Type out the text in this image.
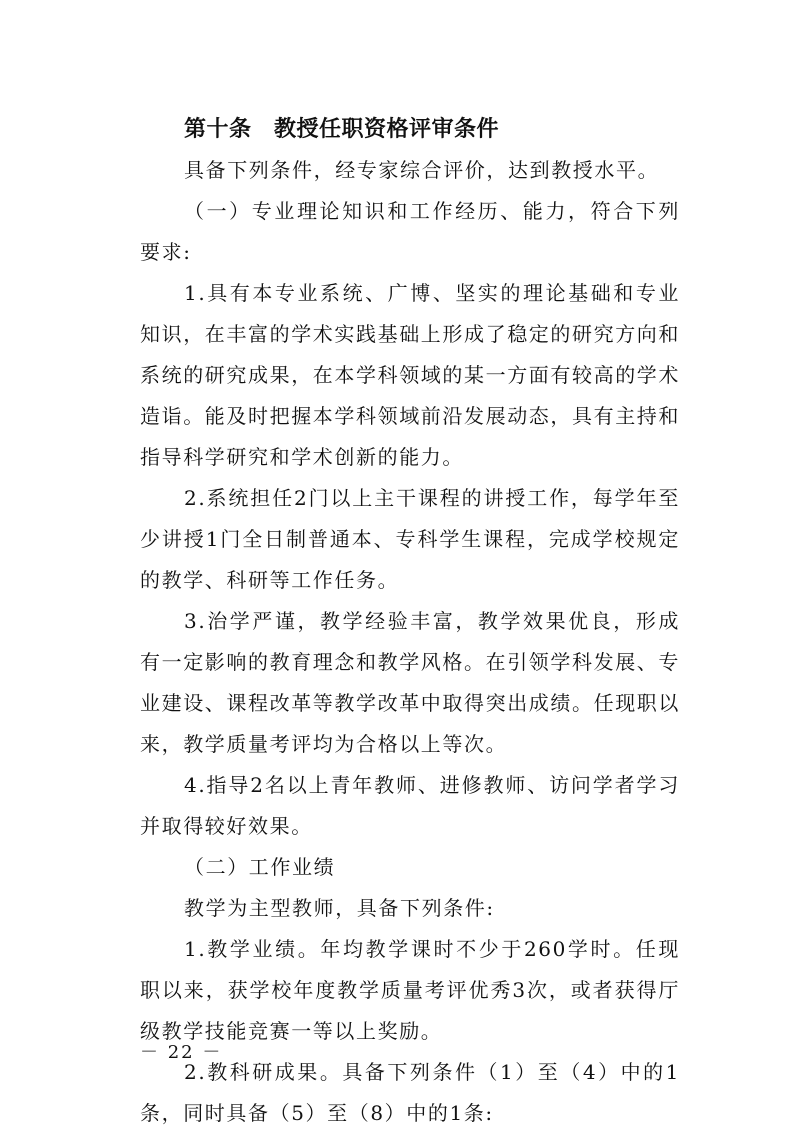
第十条　教授任职资格评审条件

具备下列条件，经专家综合评价，达到教授水平。

（一）专业理论知识和工作经历、能力，符合下列要求:

1.具有本专业系统、广博、坚实的理论基础和专业知识，在丰富的学术实践基础上形成了稳定的研究方向和系统的研究成果，在本学科领域的某一方面有较高的学术造诣。能及时把握本学科领域前沿发展动态，具有主持和指导科学研究和学术创新的能力。

2.系统担任2门以上主干课程的讲授工作，每学年至少讲授1门全日制普通本、专科学生课程，完成学校规定的教学、科研等工作任务。

3.治学严谨，教学经验丰富，教学效果优良，形成有一定影响的教育理念和教学风格。在引领学科发展、专业建设、课程改革等教学改革中取得突出成绩。任现职以来，教学质量考评均为合格以上等次。

4.指导2名以上青年教师、进修教师、访问学者学习并取得较好效果。

（二）工作业绩

教学为主型教师，具备下列条件:

1.教学业绩。年均教学课时不少于260学时。任现职以来，获学校年度教学质量考评优秀3次，或者获得厅级教学技能竞赛一等以上奖励。

2.教科研成果。具备下列条件（1）至（4）中的1条，同时具备（5）至（8）中的1条:

－ 22 －
